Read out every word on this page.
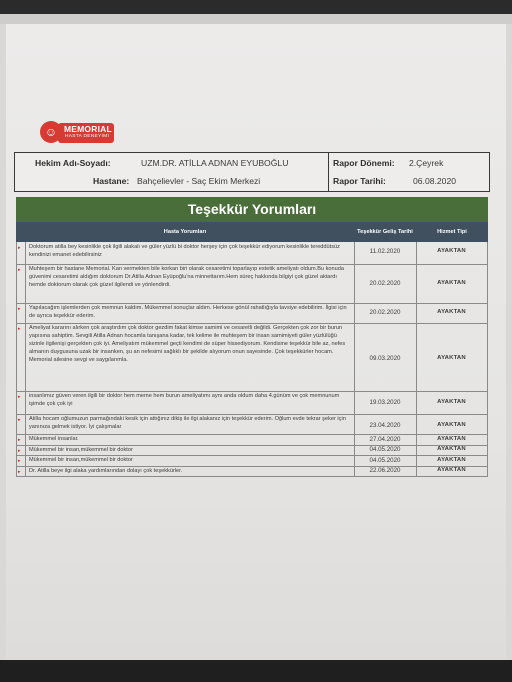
☺ MEMORIAL
HASTA DENEYİMİ
Hekim Adı-Soyadı:	UZM.DR. ATİLLA ADNAN EYUBOĞLU
Hastane: Bahçelievler - Saç Ekim Merkezi
Rapor Dönemi: 2.Çeyrek
Rapor Tarihi:	06.08.2020
Teşekkür Yorumları
Hasta Yorumları	Teşekkür Geliş Tarihi	Hizmet Tipi
▸ Doktorum atilla bey kesinlikle çok ilgili alakalı ve güler yüzlü bi doktor herşey için çok teşekkür ediyorum kesinlikle tereddütsüz kendinizi emanet edebilirsiniz	11.02.2020	AYAKTAN
▸ Muhteşem bir hastane Memorial. Kan vermekten bile korkan biri olarak cesaretimi toparlayıp estetik ameliyatı oldum.Bu konuda güvenimi cesaretimi aldığım doktorum Dr.Atilla Adnan Eyüpoğlu'na minnettarım.Hem süreç hakkında bilgiyi çok güzel aktardı hemde doktorum olarak çok güzel ilgilendi ve yönlendirdi.	20.02.2020	AYAKTAN
▸ Yapılacağım işlemlerden çok memnun kaldım. Mükemmel sonuçlar aldım. Herkese gönül rahatlığıyla tavsiye edebilirim. İlgisi için de ayrıca teşekkür ederim.	20.02.2020	AYAKTAN
▸ Ameliyat kararını alırken çok araştırdım çok doktor gezdim fakat kimse samimi ve cesaretli değildi. Gerçekten çok zor bir burun yapısına sahiptim. Sevgili Atilla Adnan hocamla tanışana kadar, tek kelime ile muhteşem bir insan samimiyeti güler yüzlülüğü sizinle ilgilenişi gerçekten çok iyi. Ameliyatım mükemmel geçti kendimi de süper hissediyorum. Kendisine teşekkür bile az, nefes almanın duygusuna uzak bir insanken, şu an nefesimi sağlıklı bir şekilde alıyorum onun sayesinde. Çok teşekkürler hocam. Memorial ailesine sevgi ve saygılarımla.	09.03.2020	AYAKTAN
▸ insanlımız güven veren ilgili bir doktor hem meme hem burun ameliyatımı aynı anda oldum daha 4.günüm ve çok memnunum işimde çok çok iyi	19.03.2020	AYAKTAN
▸ Atilla hocam oğlumuzun parmağındaki kesik için attığınız dikiş ile ilgi alakanız için teşekkür ederim. Oğlum evde tekrar şeker için yanınıza gelmek istiyor. İyi çalışmalar	23.04.2020	AYAKTAN
▸ Mükemmel insanlar.	27.04.2020	AYAKTAN
▸ Mükemmel bir insan,mükemmel bir doktor	04.05.2020	AYAKTAN
▸ Mükemmel bir insan,mükemmel bir doktor	04.05.2020	AYAKTAN
▸ Dr. Atilla beye ilgi alaka yardımlarından dolayı çok teşekkürler.	22.06.2020	AYAKTAN
